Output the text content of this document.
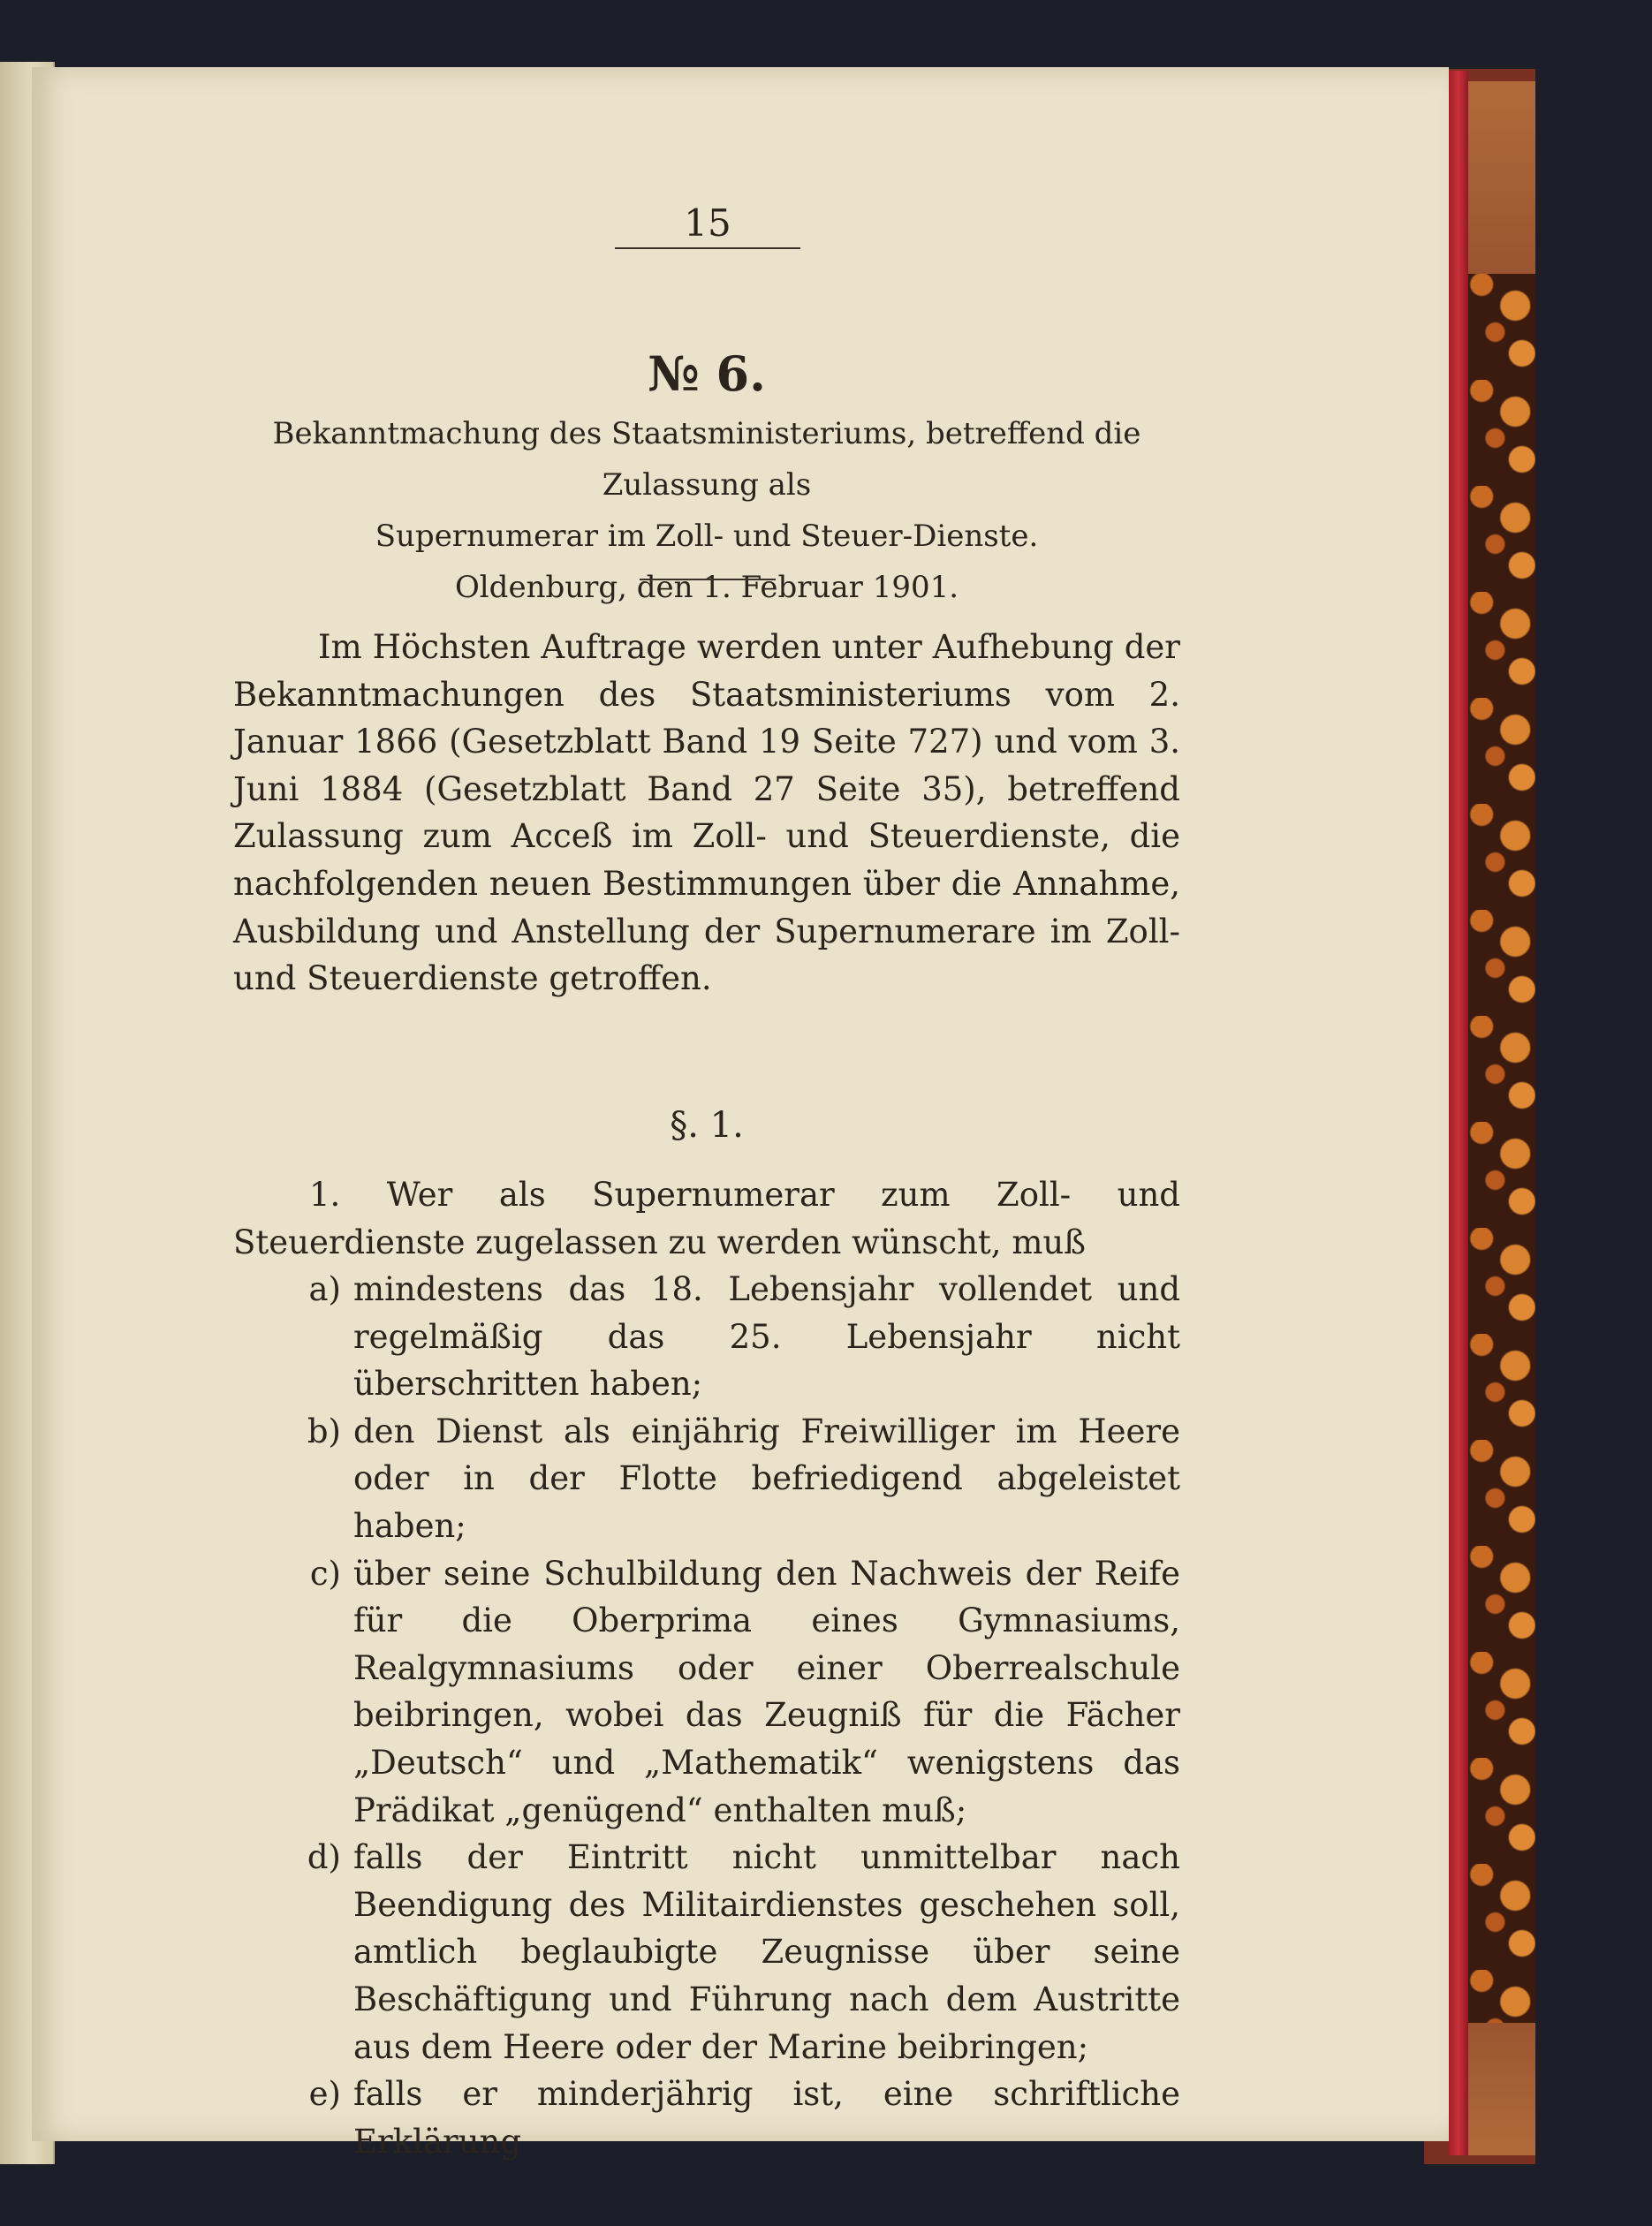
15
№ 6.
Bekanntmachung des Staatsministeriums, betreffend die Zulassung als
Supernumerar im Zoll- und Steuer-Dienste.
Oldenburg, den 1. Februar 1901.
Im Höchsten Auftrage werden unter Aufhebung der Bekanntmachungen des Staatsministeriums vom 2. Januar 1866 (Gesetzblatt Band 19 Seite 727) und vom 3. Juni 1884 (Gesetzblatt Band 27 Seite 35), betreffend Zulassung zum Acceß im Zoll- und Steuerdienste, die nachfolgenden neuen Bestimmungen über die Annahme, Ausbildung und Anstellung der Supernumerare im Zoll- und Steuerdienste getroffen.
§. 1.
1. Wer als Supernumerar zum Zoll- und Steuerdienste zugelassen zu werden wünscht, muß
a) mindestens das 18. Lebensjahr vollendet und regelmäßig das 25. Lebensjahr nicht überschritten haben;
b) den Dienst als einjährig Freiwilliger im Heere oder in der Flotte befriedigend abgeleistet haben;
c) über seine Schulbildung den Nachweis der Reife für die Oberprima eines Gymnasiums, Realgymnasiums oder einer Oberrealschule beibringen, wobei das Zeugniß für die Fächer „Deutsch“ und „Mathematik“ wenigstens das Prädikat „genügend“ enthalten muß;
d) falls der Eintritt nicht unmittelbar nach Beendigung des Militairdienstes geschehen soll, amtlich beglaubigte Zeugnisse über seine Beschäftigung und Führung nach dem Austritte aus dem Heere oder der Marine beibringen;
e) falls er minderjährig ist, eine schriftliche Erklärung
